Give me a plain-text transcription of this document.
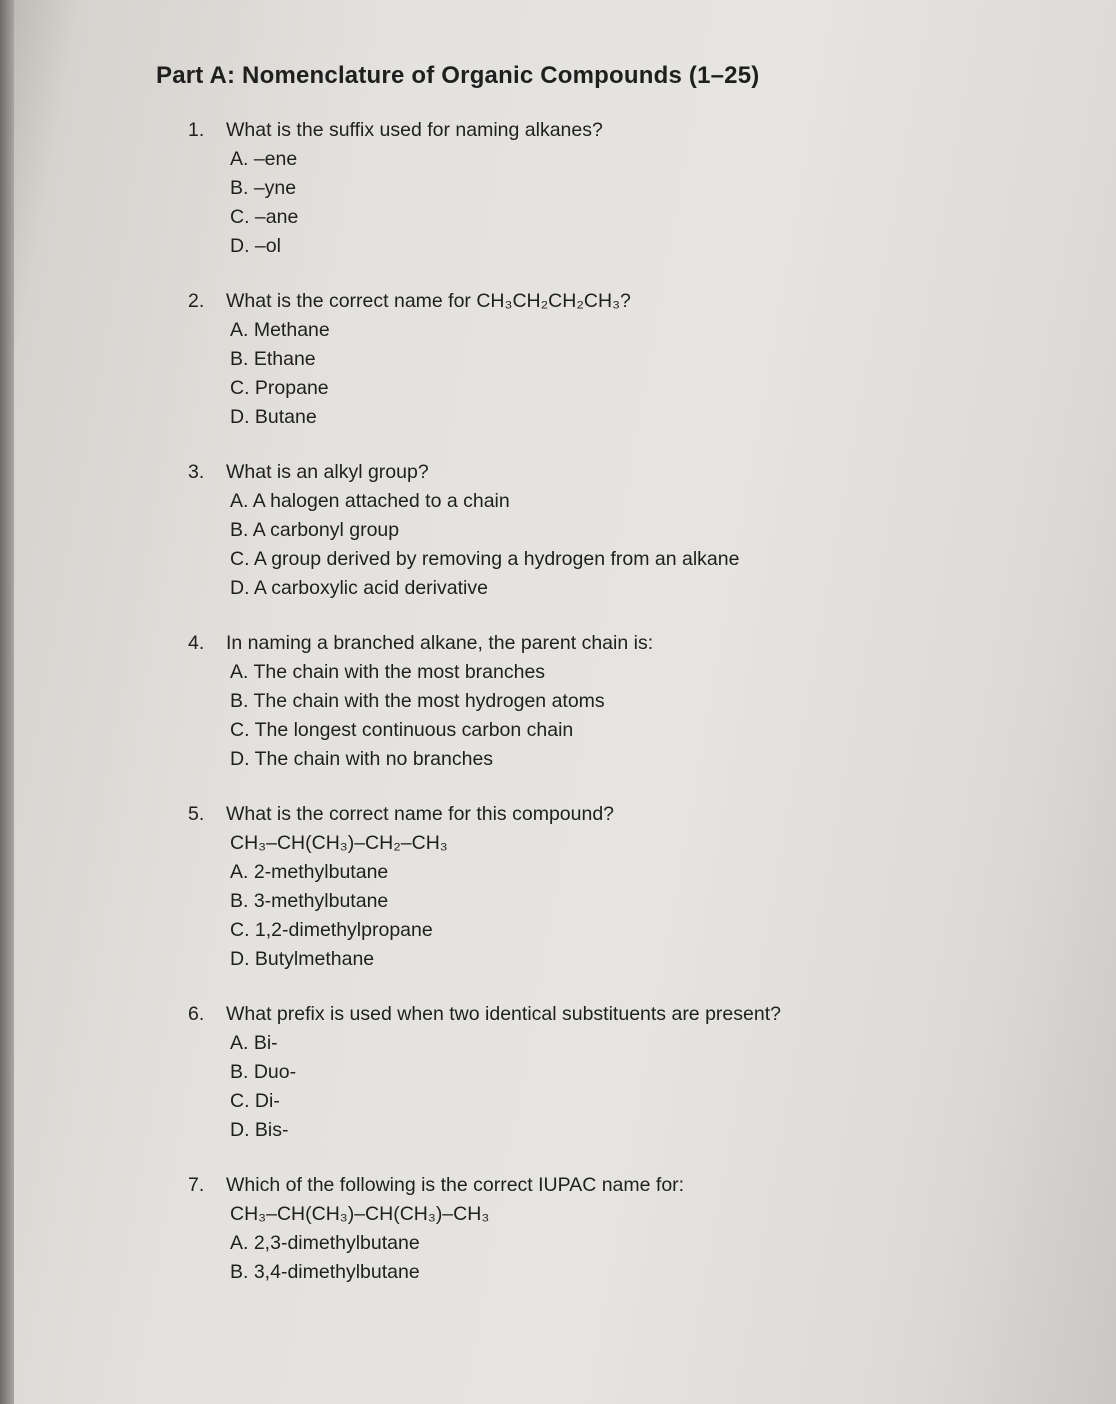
Part A: Nomenclature of Organic Compounds (1–25)
1.	What is the suffix used for naming alkanes?
A. –ene
B. –yne
C. –ane
D. –ol
2.	What is the correct name for CH₃CH₂CH₂CH₃?
A. Methane
B. Ethane
C. Propane
D. Butane
3.	What is an alkyl group?
A. A halogen attached to a chain
B. A carbonyl group
C. A group derived by removing a hydrogen from an alkane
D. A carboxylic acid derivative
4.	In naming a branched alkane, the parent chain is:
A. The chain with the most branches
B. The chain with the most hydrogen atoms
C. The longest continuous carbon chain
D. The chain with no branches
5.	What is the correct name for this compound?
CH₃–CH(CH₃)–CH₂–CH₃
A. 2-methylbutane
B. 3-methylbutane
C. 1,2-dimethylpropane
D. Butylmethane
6.	What prefix is used when two identical substituents are present?
A. Bi-
B. Duo-
C. Di-
D. Bis-
7.	Which of the following is the correct IUPAC name for:
CH₃–CH(CH₃)–CH(CH₃)–CH₃
A. 2,3-dimethylbutane
B. 3,4-dimethylbutane
